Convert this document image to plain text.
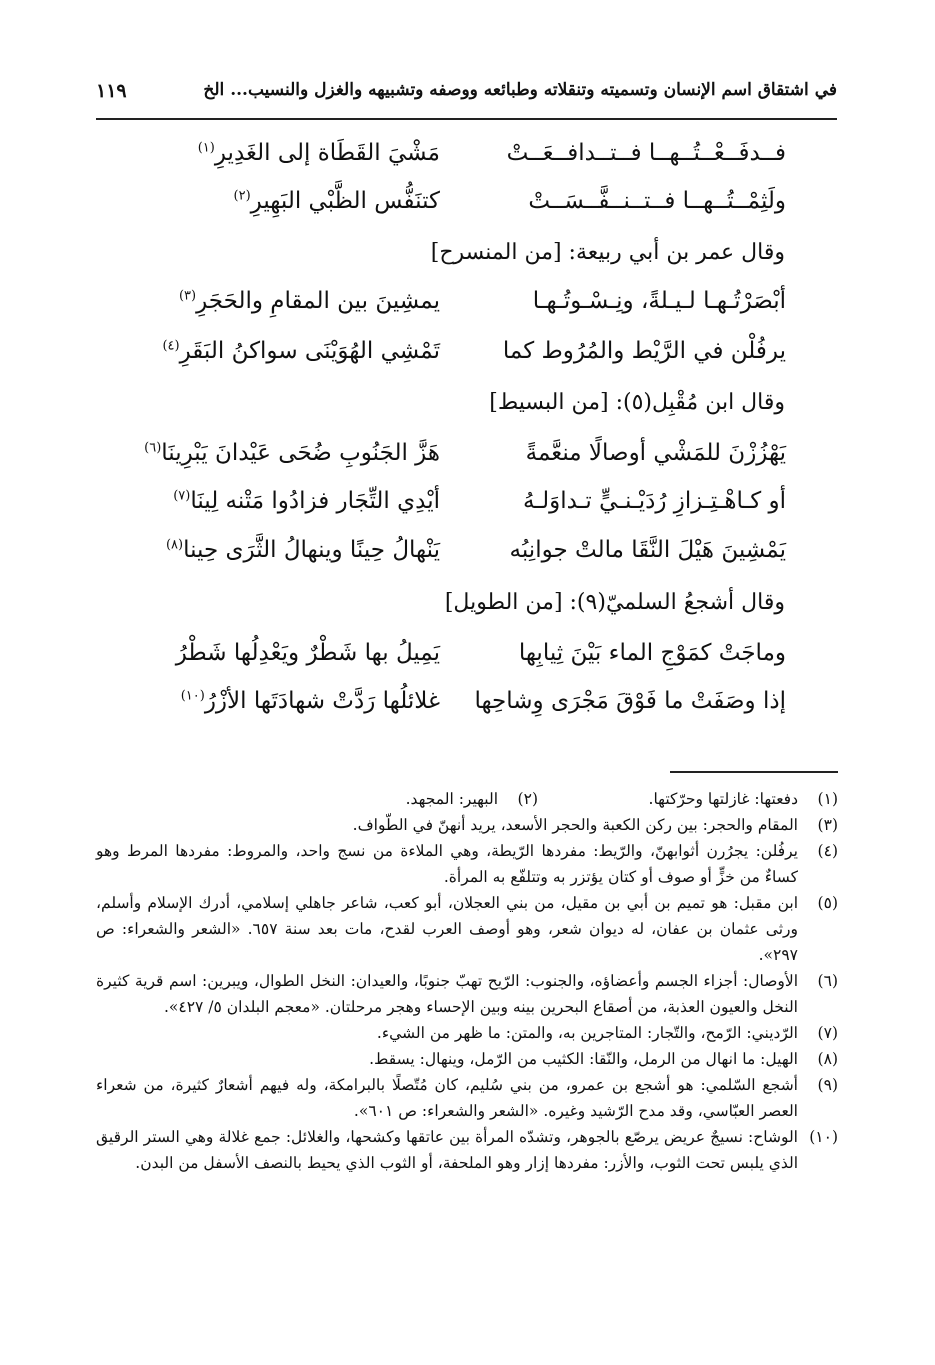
في اشتقاق اسم الإنسان وتسميته وتنقلاته وطبائعه ووصفه وتشبيهه والغزل والنسيب... الخ
١١٩
فــدفَــعْــتُــهــا فــتــدافــعَــتْ
مَشْيَ القَطَاة إلى الغَدِيرِ$^{(١)}$
ولَثِمْــتُــهــا فــتــنــفَّــسَــتْ
كتنَفُّس الظَّبْي البَهِيرِ$^{(٢)}$
وقال عمر بن أبي ربيعة: [من المنسرح]
أبْصَرْتُـهـا لـيـلةً، ونِـسْـوتُـهـا
يمشِينَ بين المقامِ والحَجَرِ$^{(٣)}$
يرفُلْن في الرَّيْط والمُرُوط كما
تَمْشِي الهُوَيْنَى سواكنُ البَقَرِ$^{(٤)}$
وقال ابن مُقْبِل(٥): [من البسيط]
يَهْزُزْنَ للمَشْي أوصالًا منعَّمةً
هَزَّ الجَنُوبِ ضُحَى عَيْدانَ يَبْرِينَا$^{(٦)}$
أو كـاهْـتِـزازِ رُدَيْـنـيٍّ تـداوَلـهُ
أيْدِي التِّجَار فزادُوا مَتْنه لِينَا$^{(٧)}$
يَمْشِينَ هَيْلَ النَّقَا مالتْ جوانِبُه
يَنْهالُ حِينًا وينهالُ الثَّرَى حِينا$^{(٨)}$
وقال أشجعُ السلميّ(٩): [من الطويل]
وماجَتْ كمَوْجِ الماء بَيْنَ ثِيابِها
يَمِيلُ بها شَطْرٌ ويَعْدِلُها شَطْرُ
إذا وصَفَتْ ما فَوْقَ مَجْرَى وِشاحِها
غلائلُها رَدَّتْ شهادَتَها الأزْرُ$^{(١٠)}$
(١)
دفعتها: غازلتها وحرّكتها.
(٢)
البهير: المجهد.
(٣)
المقام والحجر: بين ركن الكعبة والحجر الأسعد، يريد أنهنّ في الطّواف.
(٤)
يرفُلن: يجرُرن أثوابهنّ، والرّيط: مفردها الرّيطة، وهي الملاءة من نسج واحد، والمروط: مفردها المرط وهو كساءٌ من خزٍّ أو صوف أو كتان يؤتزر به وتتلفّع به المرأة.
(٥)
ابن مقبل: هو تميم بن أبي بن مقيل، من بني العجلان، أبو كعب، شاعر جاهلي إسلامي، أدرك الإسلام وأسلم، ورثى عثمان بن عفان، له ديوان شعر، وهو أوصف العرب لقدح، مات بعد سنة ٦٥٧. «الشعر والشعراء: ص ٢٩٧».
(٦)
الأوصال: أجزاء الجسم وأعضاؤه، والجنوب: الرّيح تهبّ جنوبًا، والعيدان: النخل الطوال، ويبرين: اسم قرية كثيرة النخل والعيون العذبة، من أصقاع البحرين بينه وبين الإحساء وهجر مرحلتان. «معجم البلدان ٥/ ٤٢٧».
(٧)
الرّديني: الرّمح، والتّجار: المتاجرين به، والمتن: ما ظهر من الشيء.
(٨)
الهيل: ما انهال من الرمل، والنّقا: الكثيب من الرّمل، وينهال: يسقط.
(٩)
أشجع السّلمي: هو أشجع بن عمرو، من بني سُليم، كان مُتّصلًا بالبرامكة، وله فيهم أشعارٌ كثيرة، من شعراء العصر العبّاسي، وقد مدح الرّشيد وغيره. «الشعر والشعراء: ص ٦٠١».
(١٠)
الوشاح: نسيجٌ عريض يرصّع بالجوهر، وتشدّه المرأة بين عاتقها وكشحها، والغلائل: جمع غلالة وهي الستر الرقيق الذي يلبس تحت الثوب، والأزر: مفردها إزار وهو الملحفة، أو الثوب الذي يحيط بالنصف الأسفل من البدن.
